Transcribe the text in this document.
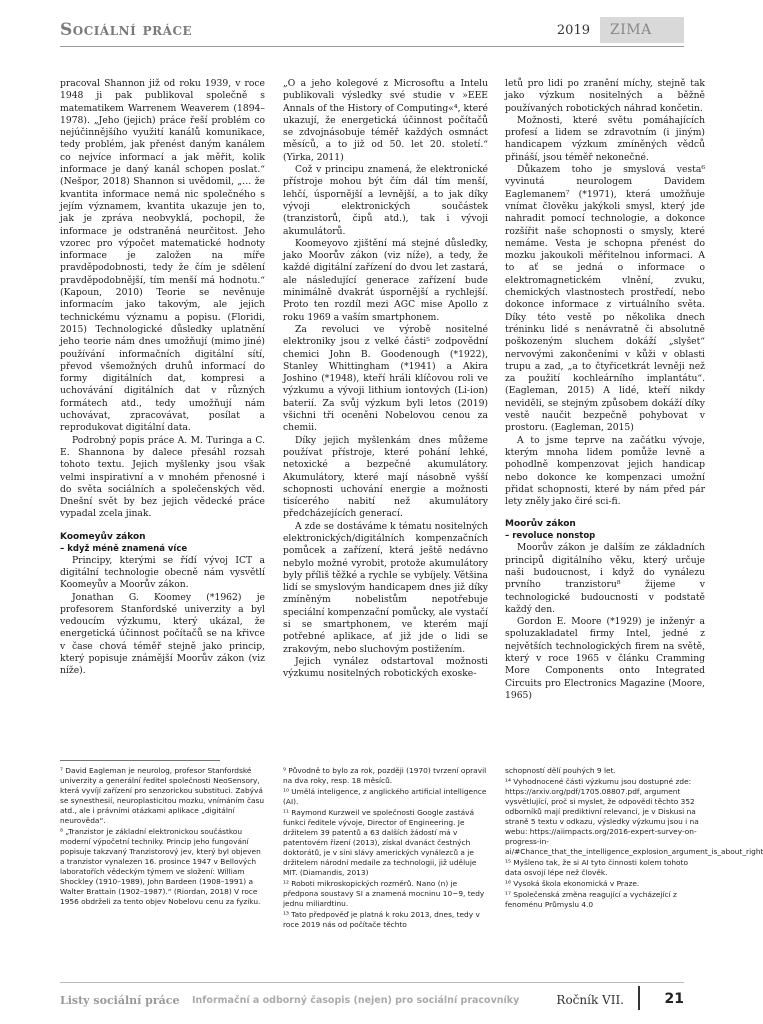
Sociální práce	2019 ZIMA

pracoval Shannon již od roku 1939, v roce 1948 ji pak publikoval společně s matematikem Warrenem Weaverem (1894–1978). „Jeho (jejich) práce řeší problém co nejúčinnějšího využití kanálů komunikace, tedy problém, jak přenést daným kanálem co nejvíce informací a jak měřit, kolik informace je daný kanál schopen poslat.“ (Nešpor, 2018) Shannon si uvědomil, „… že kvantita informace nemá nic společného s jejím významem, kvantita ukazuje jen to, jak je zpráva neobvyklá, pochopil, že informace je odstraněná neurčitost. Jeho vzorec pro výpočet matematické hodnoty informace je založen na míře pravděpodobnosti, tedy že čím je sdělení pravděpodobnější, tím menší má hodnotu.“ (Kapoun, 2010) Teorie se nevěnuje informacím jako takovým, ale jejich technickému významu a popisu. (Floridi, 2015) Technologické důsledky uplatnění jeho teorie nám dnes umožňují (mimo jiné) používání informačních digitální sítí, převod všemožných druhů informací do formy digitálních dat, kompresi a uchovávání digitálních dat v různých formátech atd., tedy umožňují nám uchovávat, zpracovávat, posílat a reprodukovat digitální data.

Podrobný popis práce A. M. Turinga a C. E. Shannona by dalece přesáhl rozsah tohoto textu. Jejich myšlenky jsou však velmi inspirativní a v mnohém přenosné i do světa sociálních a společenských věd. Dnešní svět by bez jejich vědecké práce vypadal zcela jinak.

Koomeyův zákon
– když méně znamená více

Principy, kterými se řídí vývoj ICT a digitální technologie obecně nám vysvětlí Koomeyův a Moorův zákon.

Jonathan G. Koomey (*1962) je profesorem Stanfordské univerzity a byl vedoucím výzkumu, který ukázal, že energetická účinnost počítačů se na křivce v čase chová téměř stejně jako princip, který popisuje známější Moorův zákon (viz níže).

„O a jeho kolegové z Microsoftu a Intelu publikovali výsledky své studie v »EEE Annals of the History of Computing«⁴, které ukazují, že energetická účinnost počítačů se zdvojnásobuje téměř každých osmnáct měsíců, a to již od 50. let 20. století.“ (Yirka, 2011)

Což v principu znamená, že elektronické přístroje mohou být čím dál tím menší, lehčí, úspornější a levnější, a to jak díky vývoji elektronických součástek (tranzistorů, čipů atd.), tak i vývoji akumulátorů.

Koomeyovo zjištění má stejné důsledky, jako Moorův zákon (viz níže), a tedy, že každé digitální zařízení do dvou let zastará, ale následující generace zařízení bude minimálně dvakrát úspornější a rychlejší. Proto ten rozdíl mezi AGC mise Apollo z roku 1969 a vaším smartphonem.

Za revoluci ve výrobě nositelné elektroniky jsou z velké části⁵ zodpovědní chemici John B. Goodenough (*1922), Stanley Whittingham (*1941) a Akira Joshino (*1948), kteří hráli klíčovou roli ve výzkumu a vývoji lithium iontových (Li-ion) baterií. Za svůj výzkum byli letos (2019) všichni tři oceněni Nobelovou cenou za chemii.

Díky jejich myšlenkám dnes můžeme používat přístroje, které pohání lehké, netoxické a bezpečné akumulátory. Akumulátory, které mají násobně vyšší schopnosti uchování energie a možnosti tisícerého nabití než akumulátory předcházejících generací.

A zde se dostáváme k tématu nositelných elektronických/digitálních kompenzačních pomůcek a zařízení, která ještě nedávno nebylo možné vyrobit, protože akumulátory byly příliš těžké a rychle se vybíjely. Většina lidí se smyslovým handicapem dnes již díky zmíněným nobelistům nepotřebuje speciální kompenzační pomůcky, ale vystačí si se smartphonem, ve kterém mají potřebné aplikace, ať již jde o lidi se zrakovým, nebo sluchovým postižením.

Jejich vynález odstartoval možnosti výzkumu nositelných robotických exoske-

letů pro lidi po zranění míchy, stejně tak jako výzkum nositelných a běžně používaných robotických náhrad končetin.

Možnosti, které světu pomáhajících profesí a lidem se zdravotním (i jiným) handicapem výzkum zmíněných vědců přináší, jsou téměř nekonečné.

Důkazem toho je smyslová vesta⁶ vyvinutá neurologem Davidem Eaglemanem⁷ (*1971), která umožňuje vnímat člověku jakýkoli smysl, který jde nahradit pomocí technologie, a dokonce rozšířit naše schopnosti o smysly, které nemáme. Vesta je schopna přenést do mozku jakoukoli měřitelnou informaci. A to ať se jedná o informace o elektromagnetickém vlnění, zvuku, chemických vlastnostech prostředí, nebo dokonce informace z virtuálního světa. Díky této vestě po několika dnech tréninku lidé s nenávratně či absolutně poškozeným sluchem dokáží „slyšet“ nervovými zakončeními v kůži v oblasti trupu a zad, „a to čtyřicetkrát levněji než za použití kochleárního implantátu“. (Eagleman, 2015) A lidé, kteří nikdy neviděli, se stejným způsobem dokáží díky vestě naučit bezpečně pohybovat v prostoru. (Eagleman, 2015)

A to jsme teprve na začátku vývoje, kterým mnoha lidem pomůže levně a pohodlně kompenzovat jejich handicap nebo dokonce ke kompenzaci umožní přidat schopnosti, které by nám před pár lety zněly jako čiré sci-fi.

Moorův zákon
– revoluce nonstop

Moorův zákon je dalším ze základních principů digitálního věku, který určuje naši budoucnost, i když do vynálezu prvního tranzistoru⁸ žijeme v technologické budoucnosti v podstatě každý den.

Gordon E. Moore (*1929) je inženýr a spoluzakladatel firmy Intel, jedné z největších technologických firem na světě, který v roce 1965 v článku Cramming More Components onto Integrated Circuits pro Electronics Magazine (Moore, 1965)

⁷ David Eagleman je neurolog, profesor Stanfordské univerzity a generální ředitel společnosti NeoSensory, která vyvíjí zařízení pro senzorickou substituci. Zabývá se synesthesií, neuroplasticitou mozku, vnímáním času atd., ale i právními otázkami aplikace „digitální neurověda“.

⁸ „Tranzistor je základní elektronickou součástkou moderní výpočetní techniky. Princip jeho fungování popisuje takzvaný Tranzistorový jev, který byl objeven a tranzistor vynalezen 16. prosince 1947 v Bellových laboratořích vědeckým týmem ve složení: William Shockley (1910–1989), John Bardeen (1908–1991) a Walter Brattain (1902–1987).“ (Riordan, 2018) V roce 1956 obdrželi za tento objev Nobelovu cenu za fyziku.

⁹ Původně to bylo za rok, později (1970) tvrzení opravil na dva roky, resp. 18 měsíců.

¹⁰ Umělá inteligence, z anglického artificial intelligence (AI).

¹¹ Raymond Kurzweil ve společnosti Google zastává funkci ředitele vývoje, Director of Engineering. Je držitelem 39 patentů a 63 dalších žádostí má v patentovém řízení (2013), získal dvanáct čestných doktorátů, je v síni slávy amerických vynálezců a je držitelem národní medaile za technologii, již uděluje MIT. (Diamandis, 2013)

¹² Roboti mikroskopických rozměrů. Nano (n) je předpona soustavy SI a znamená mocninu 10−9, tedy jednu miliardtinu.

¹³ Tato předpověď je platná k roku 2013, dnes, tedy v roce 2019 nás od počítače těchto

schopností dělí pouhých 9 let.

¹⁴ Vyhodnocené části výzkumu jsou dostupné zde: https://arxiv.org/pdf/1705.08807.pdf, argument vysvětlující, proč si myslet, že odpovědi těchto 352 odborníků mají prediktivní relevanci, je v Diskusi na straně 5 textu v odkazu, výsledky výzkumu jsou i na webu: https://aiimpacts.org/2016-expert-survey-on-progress-in-ai/#Chance_that_the_intelligence_explosion_argument_is_about_right

¹⁵ Myšleno tak, že si AI tyto činnosti kolem tohoto data osvojí lépe než člověk.

¹⁶ Vysoká škola ekonomická v Praze.

¹⁷ Společenská změna reagující a vycházející z fenoménu Průmyslu 4.0

Listy sociální práce Informační a odborný časopis (nejen) pro sociální pracovníky	Ročník VII.	21
